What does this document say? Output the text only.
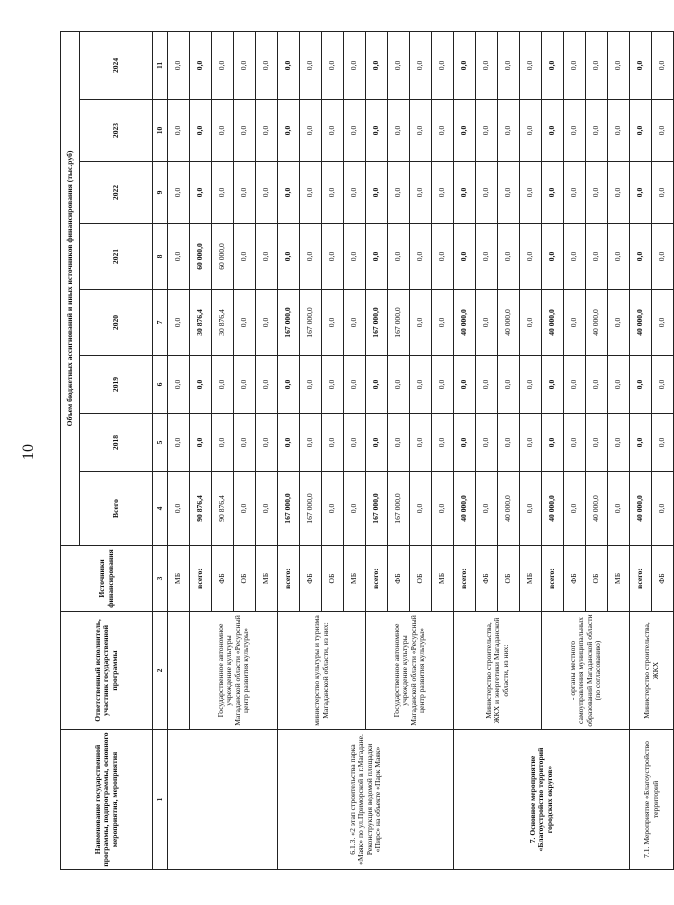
10
Наименование государственной программы, подпрограммы, основного мероприятия, мероприятия	Ответственный исполнитель, участник государственной программы	Источники финансирования	Объем бюджетных ассигнований и иных источников финансирования (тыс.руб)							
			Всего	2018	2019	2020	2021	2022	2023	2024
1	2	3	4	5	6	7	8	9	10	11
		МБ	0,0	0,0	0,0	0,0	0,0	0,0	0,0	0,0
	Государственное автономное учреждение культуры Магаданской области «Ресурсный центр развития культуры»	всего:	90 876,4	0,0	0,0	30 876,4	60 000,0	0,0	0,0	0,0
		ФБ	90 876,4	0,0	0,0	30 876,4	60 000,0	0,0	0,0	0,0
		ОБ	0,0	0,0	0,0	0,0	0,0	0,0	0,0	0,0
		МБ	0,0	0,0	0,0	0,0	0,0	0,0	0,0	0,0
6.1.3. «2 этап строительства парка «Маяк» по ул.Приморской в г.Магадане. Реконструкция ведомой площадки «Пирс» на объекте «Парк Маяк»	министерство культуры и туризма Магаданской области, из них:	всего:	167 000,0	0,0	0,0	167 000,0	0,0	0,0	0,0	0,0
		ФБ	167 000,0	0,0	0,0	167 000,0	0,0	0,0	0,0	0,0
		ОБ	0,0	0,0	0,0	0,0	0,0	0,0	0,0	0,0
		МБ	0,0	0,0	0,0	0,0	0,0	0,0	0,0	0,0
	Государственное автономное учреждение культуры Магаданской области «Ресурсный центр развития культуры»	всего:	167 000,0	0,0	0,0	167 000,0	0,0	0,0	0,0	0,0
		ФБ	167 000,0	0,0	0,0	167 000,0	0,0	0,0	0,0	0,0
		ОБ	0,0	0,0	0,0	0,0	0,0	0,0	0,0	0,0
		МБ	0,0	0,0	0,0	0,0	0,0	0,0	0,0	0,0
7. Основное мероприятие «Благоустройство территорий городских округов»	Министерство строительства, ЖКХ и энергетики Магаданской области, из них:	всего:	40 000,0	0,0	0,0	40 000,0	0,0	0,0	0,0	0,0
		ФБ	0,0	0,0	0,0	0,0	0,0	0,0	0,0	0,0
		ОБ	40 000,0	0,0	0,0	40 000,0	0,0	0,0	0,0	0,0
		МБ	0,0	0,0	0,0	0,0	0,0	0,0	0,0	0,0
	- органы местного самоуправления муниципальных образований Магаданской области (по согласованию)	всего:	40 000,0	0,0	0,0	40 000,0	0,0	0,0	0,0	0,0
		ФБ	0,0	0,0	0,0	0,0	0,0	0,0	0,0	0,0
		ОБ	40 000,0	0,0	0,0	40 000,0	0,0	0,0	0,0	0,0
		МБ	0,0	0,0	0,0	0,0	0,0	0,0	0,0	0,0
7.1. Мероприятие «Благоустройство территорий	Министерство строительства, ЖКХ	всего:	40 000,0	0,0	0,0	40 000,0	0,0	0,0	0,0	0,0
		ФБ	0,0	0,0	0,0	0,0	0,0	0,0	0,0	0,0
